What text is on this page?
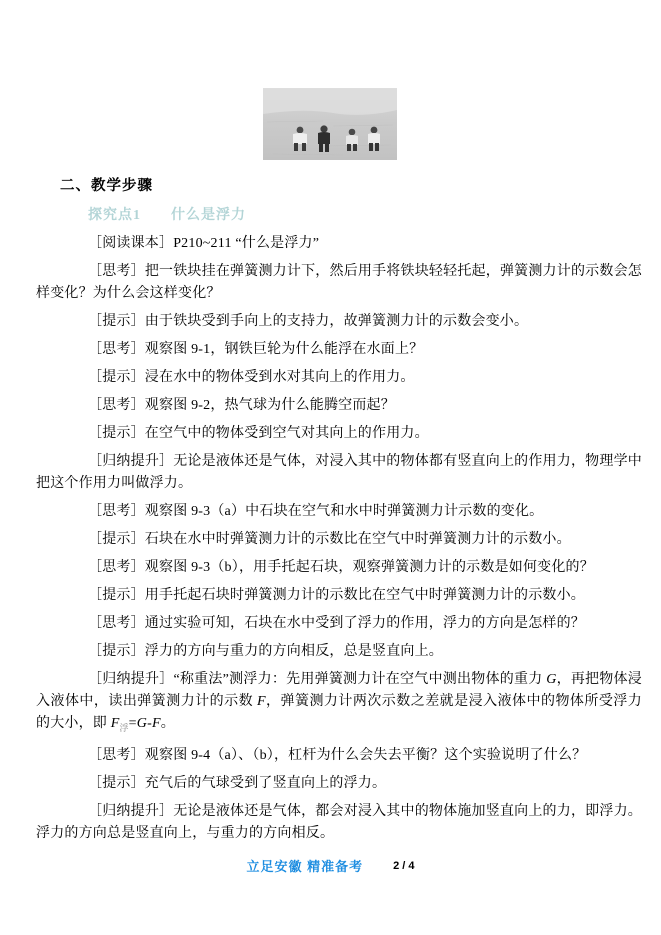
二、教学步骤
探究点1　　什么是浮力

［阅读课本］P210~211 “什么是浮力”

［思考］把一铁块挂在弹簧测力计下，然后用手将铁块轻轻托起，弹簧测力计的示数会怎样变化？为什么会这样变化？

［提示］由于铁块受到手向上的支持力，故弹簧测力计的示数会变小。

［思考］观察图 9-1，钢铁巨轮为什么能浮在水面上？

［提示］浸在水中的物体受到水对其向上的作用力。

［思考］观察图 9-2，热气球为什么能腾空而起？

［提示］在空气中的物体受到空气对其向上的作用力。

［归纳提升］无论是液体还是气体，对浸入其中的物体都有竖直向上的作用力，物理学中把这个作用力叫做浮力。

［思考］观察图 9-3（a）中石块在空气和水中时弹簧测力计示数的变化。

［提示］石块在水中时弹簧测力计的示数比在空气中时弹簧测力计的示数小。

［思考］观察图 9-3（b），用手托起石块，观察弹簧测力计的示数是如何变化的？

［提示］用手托起石块时弹簧测力计的示数比在空气中时弹簧测力计的示数小。

［思考］通过实验可知，石块在水中受到了浮力的作用，浮力的方向是怎样的？

［提示］浮力的方向与重力的方向相反，总是竖直向上。

［归纳提升］“称重法”测浮力：先用弹簧测力计在空气中测出物体的重力 G，再把物体浸入液体中，读出弹簧测力计的示数 F，弹簧测力计两次示数之差就是浸入液体中的物体所受浮力的大小，即 $F_浮=G-F$。

［思考］观察图 9-4（a）、（b），杠杆为什么会失去平衡？这个实验说明了什么？

［提示］充气后的气球受到了竖直向上的浮力。

［归纳提升］无论是液体还是气体，都会对浸入其中的物体施加竖直向上的力，即浮力。浮力的方向总是竖直向上，与重力的方向相反。

立足安徽 精准备考	2 / 4
